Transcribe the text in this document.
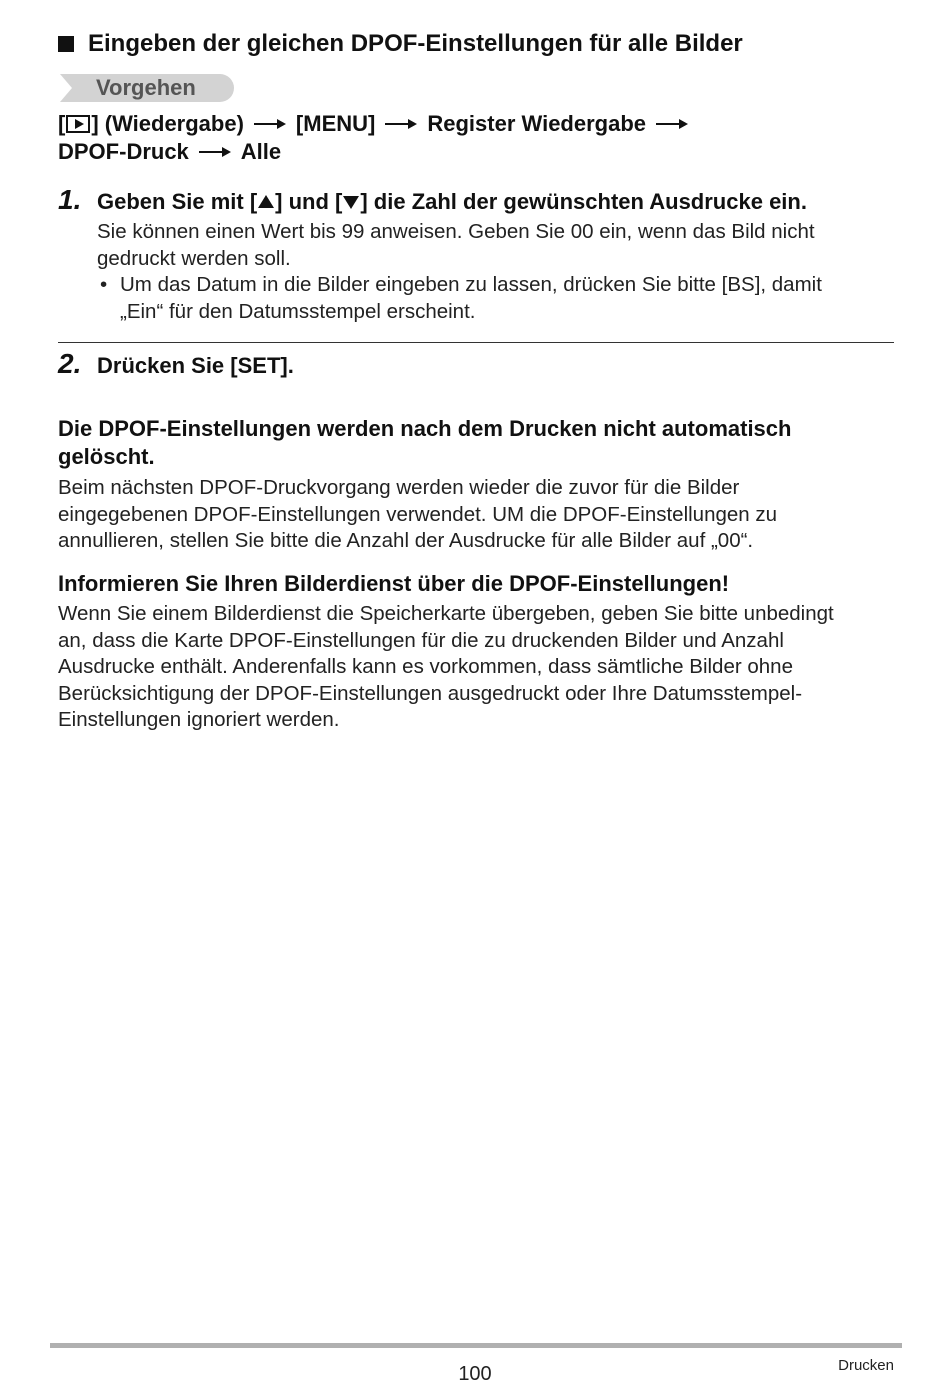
Eingeben der gleichen DPOF-Einstellungen für alle Bilder
Vorgehen
[ ] (Wiedergabe) [MENU] Register Wiedergabe
DPOF-Druck Alle
1. Geben Sie mit [ ] und [ ] die Zahl der gewünschten Ausdrucke ein.
Sie können einen Wert bis 99 anweisen. Geben Sie 00 ein, wenn das Bild nicht
gedruckt werden soll.
• Um das Datum in die Bilder eingeben zu lassen, drücken Sie bitte [BS], damit
„Ein“ für den Datumsstempel erscheint.
2. Drücken Sie [SET].
Die DPOF-Einstellungen werden nach dem Drucken nicht automatisch
gelöscht.
Beim nächsten DPOF-Druckvorgang werden wieder die zuvor für die Bilder
eingegebenen DPOF-Einstellungen verwendet. UM die DPOF-Einstellungen zu
annullieren, stellen Sie bitte die Anzahl der Ausdrucke für alle Bilder auf „00“.
Informieren Sie Ihren Bilderdienst über die DPOF-Einstellungen!
Wenn Sie einem Bilderdienst die Speicherkarte übergeben, geben Sie bitte unbedingt
an, dass die Karte DPOF-Einstellungen für die zu druckenden Bilder und Anzahl
Ausdrucke enthält. Anderenfalls kann es vorkommen, dass sämtliche Bilder ohne
Berücksichtigung der DPOF-Einstellungen ausgedruckt oder Ihre Datumsstempel-
Einstellungen ignoriert werden.
100	Drucken
